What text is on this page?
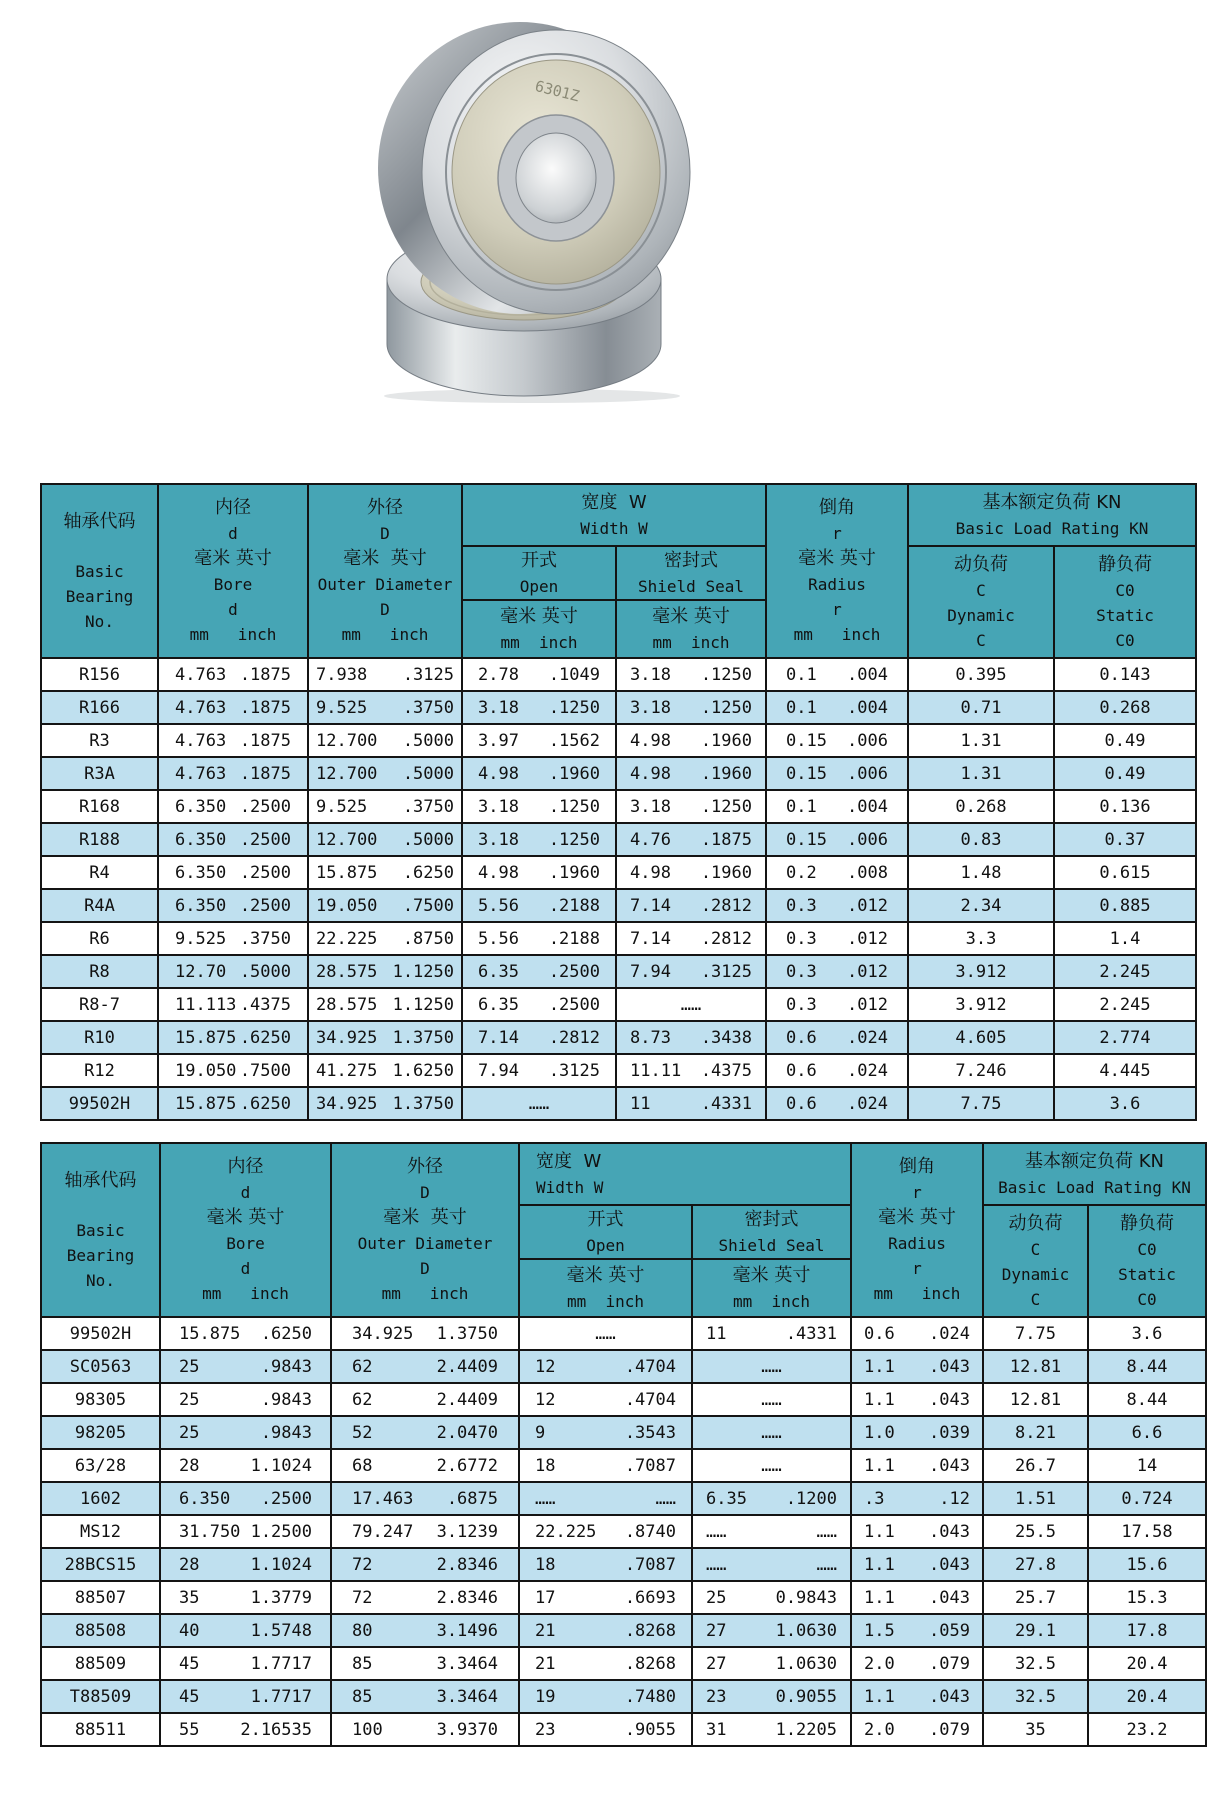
6301Z
轴承代码
Basic
Bearing
No.

内径
d
毫米 英寸
Bore
d
mm   inch

外径
D
毫米  英寸
Outer Diameter
D
mm   inch

宽度  W
Width W

倒角
r
毫米 英寸
Radius
r
mm   inch

基本额定负荷 KN
Basic Load Rating KN

			开式
Open	密封式
Shield Seal		动负荷
C
Dynamic
C	静负荷
C0
Static
C0

			毫米 英寸
mm  inch	毫米 英寸
mm  inch			

R156	4.763 .1875	7.938 .3125	2.78 .1049	3.18 .1250	0.1 .004	0.395	0.143

R166	4.763 .1875	9.525 .3750	3.18 .1250	3.18 .1250	0.1 .004	0.71	0.268

R3	4.763 .1875	12.700 .5000	3.97 .1562	4.98 .1960	0.15 .006	1.31	0.49

R3A	4.763 .1875	12.700 .5000	4.98 .1960	4.98 .1960	0.15 .006	1.31	0.49

R168	6.350 .2500	9.525 .3750	3.18 .1250	3.18 .1250	0.1 .004	0.268	0.136

R188	6.350 .2500	12.700 .5000	3.18 .1250	4.76 .1875	0.15 .006	0.83	0.37

R4	6.350 .2500	15.875 .6250	4.98 .1960	4.98 .1960	0.2 .008	1.48	0.615

R4A	6.350 .2500	19.050 .7500	5.56 .2188	7.14 .2812	0.3 .012	2.34	0.885

R6	9.525 .3750	22.225 .8750	5.56 .2188	7.14 .2812	0.3 .012	3.3	1.4

R8	12.70 .5000	28.575 1.1250	6.35 .2500	7.94 .3125	0.3 .012	3.912	2.245

R8-7	11.113 .4375	28.575 1.1250	6.35 .2500	……	0.3 .012	3.912	2.245

R10	15.875 .6250	34.925 1.3750	7.14 .2812	8.73 .3438	0.6 .024	4.605	2.774

R12	19.050 .7500	41.275 1.6250	7.94 .3125	11.11 .4375	0.6 .024	7.246	4.445

99502H	15.875 .6250	34.925 1.3750	……	11 .4331	0.6 .024	7.75	3.6
轴承代码
Basic
Bearing
No.

内径
d
毫米 英寸
Bore
d
mm   inch

外径
D
毫米  英寸
Outer Diameter
D
mm   inch

宽度  W
Width W

倒角
r
毫米 英寸
Radius
r
mm   inch

基本额定负荷 KN
Basic Load Rating KN

			开式
Open	密封式
Shield Seal		动负荷
C
Dynamic
C	静负荷
C0
Static
C0

			毫米 英寸
mm  inch	毫米 英寸
mm  inch			

99502H	15.875 .6250	34.925 1.3750	……	11 .4331	0.6 .024	7.75	3.6

SC0563	25 .9843	62 2.4409	12 .4704	……	1.1 .043	12.81	8.44

98305	25 .9843	62 2.4409	12 .4704	……	1.1 .043	12.81	8.44

98205	25 .9843	52 2.0470	9 .3543	……	1.0 .039	8.21	6.6

63/28	28 1.1024	68 2.6772	18 .7087	……	1.1 .043	26.7	14

1602	6.350 .2500	17.463 .6875	…… ……	6.35 .1200	.3 .12	1.51	0.724

MS12	31.750 1.2500	79.247 3.1239	22.225 .8740	…… ……	1.1 .043	25.5	17.58

28BCS15	28 1.1024	72 2.8346	18 .7087	…… ……	1.1 .043	27.8	15.6

88507	35 1.3779	72 2.8346	17 .6693	25 0.9843	1.1 .043	25.7	15.3

88508	40 1.5748	80 3.1496	21 .8268	27 1.0630	1.5 .059	29.1	17.8

88509	45 1.7717	85 3.3464	21 .8268	27 1.0630	2.0 .079	32.5	20.4

T88509	45 1.7717	85 3.3464	19 .7480	23 0.9055	1.1 .043	32.5	20.4

88511	55 2.16535	100 3.9370	23 .9055	31 1.2205	2.0 .079	35	23.2
